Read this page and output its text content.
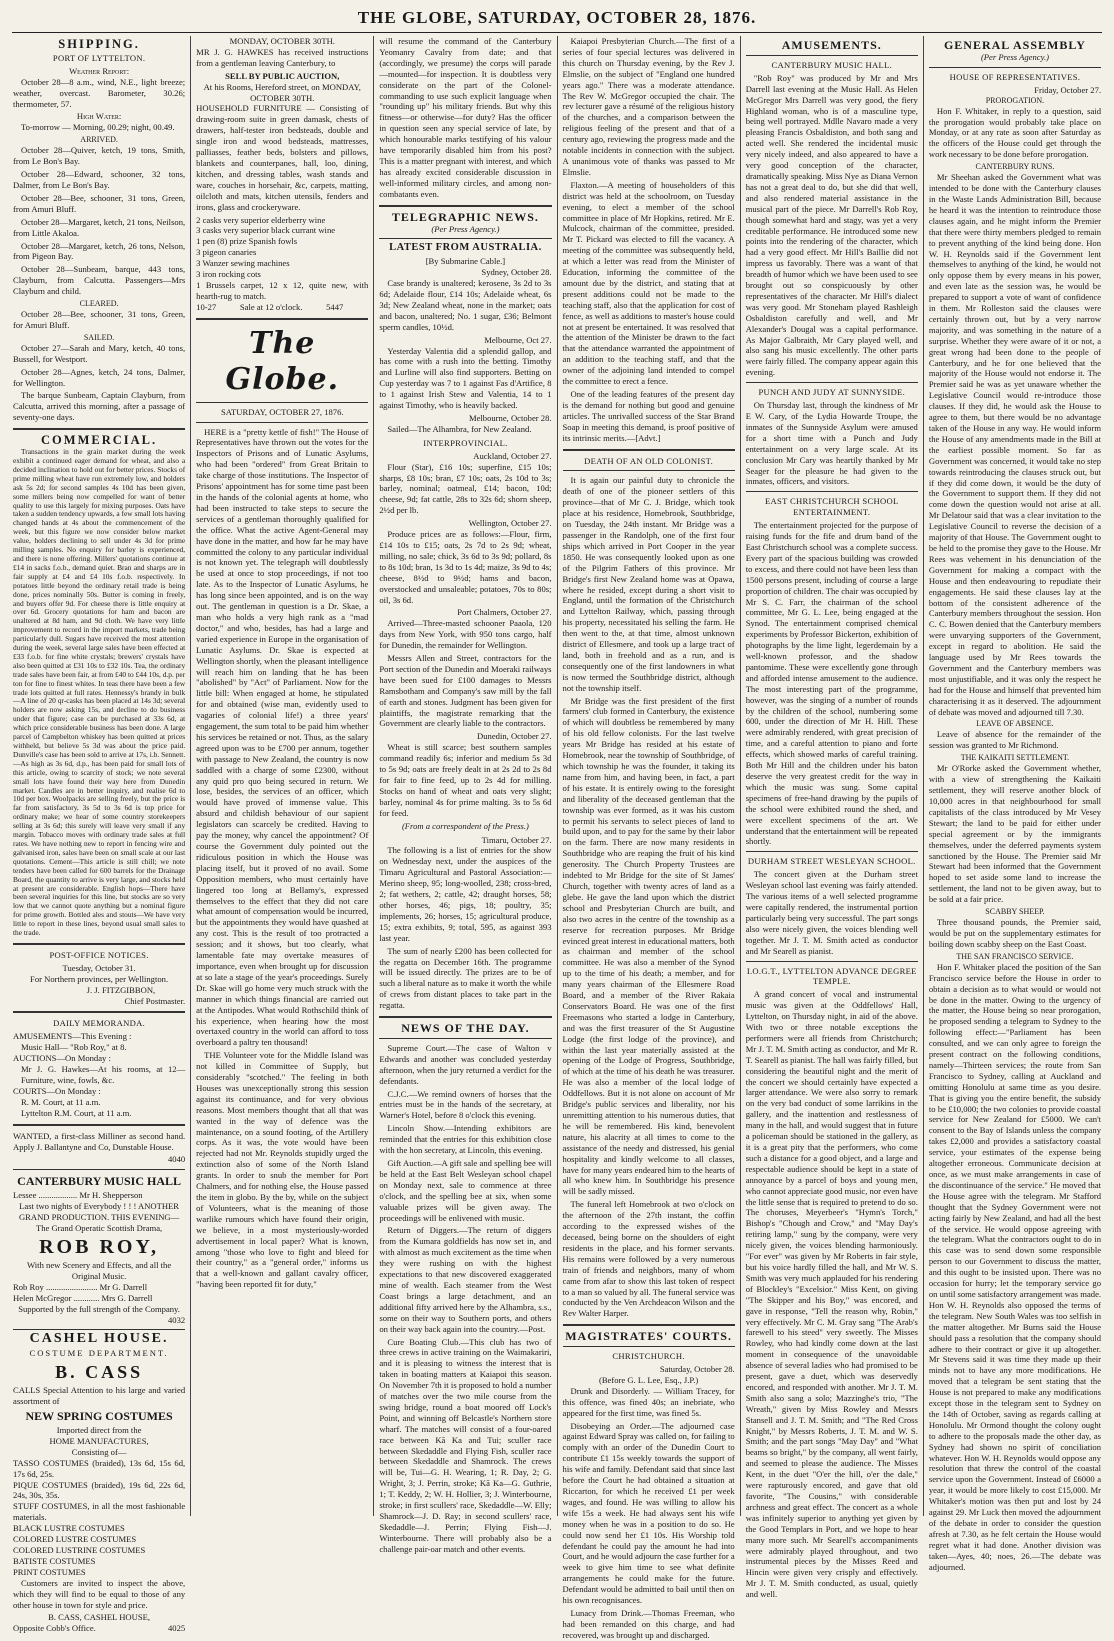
THE GLOBE, SATURDAY, OCTOBER 28, 1876.
SHIPPING.
PORT OF LYTTELTON.
Weather Report:

October 28—8 a.m., wind, N.E., light breeze; weather, overcast. Barometer, 30.26; thermometer, 57.

High Water:

To-morrow — Morning, 00.29; night, 00.49.

ARRIVED.

October 28—Quiver, ketch, 19 tons, Smith, from Le Bon's Bay.

October 28—Edward, schooner, 32 tons, Dalmer, from Le Bon's Bay.

October 28—Bee, schooner, 31 tons, Green, from Amuri Bluff.

October 28—Margaret, ketch, 21 tons, Neilson, from Little Akaloa.

October 28—Margaret, ketch, 26 tons, Nelson, from Pigeon Bay.

October 28—Sunbeam, barque, 443 tons, Clayburn, from Calcutta. Passengers—Mrs Clayburn and child.

CLEARED.

October 28—Bee, schooner, 31 tons, Green, for Amuri Bluff.

SAILED.

October 27—Sarah and Mary, ketch, 40 tons, Bussell, for Westport.

October 28—Agnes, ketch, 24 tons, Dalmer, for Wellington.

The barque Sunbeam, Captain Clayburn, from Calcutta, arrived this morning, after a passage of seventy-one days.

COMMERCIAL.

Transactions in the grain market during the week exhibit a continued eager demand for wheat, and also a decided inclination to hold out for better prices. Stocks of prime milling wheat have run extremely low, and holders ask 5s 2d; for second samples 4s 10d has been given, some millers being now compelled for want of better quality to use this largely for mixing purposes. Oats have taken a sudden tendency upwards, a few small lots having changed hands at 4s about the commencement of the week, but this figure we now consider below market value, holders declining to sell under 4s 3d for prime milling samples. No enquiry for barley is experienced, and there is none offering. Millers' quotations continue at £14 in sacks f.o.b., demand quiet. Bran and sharps are in fair supply at £4 and £4 10s f.o.b. respectively. In potatoes little beyond the ordinary retail trade is being done, prices nominally 50s. Butter is coming in freely, and buyers offer 9d. For cheese there is little enquiry at over 6d. Grocery quotations for ham and bacon are unaltered at 8d ham, and 9d cloth. We have very little improvement to record in the import markets, trade being particularly dull. Sugars have received the most attention during the week, several large sales have been effected at £33 f.o.b. for fine white crystals; brewers' crystals have also been quitted at £31 10s to £32 10s. Tea, the ordinary trade sales have been fair, at from £40 to £44 10s, d.p. per ton for fine to finest whites. In teas there have been a few trade lots quitted at full rates. Hennessy's brandy in bulk—A line of 20 qr-casks has been placed at 14s 3d; several holders are now asking 15s, and decline to do business under that figure; case can be purchased at 33s 6d, at which price considerable business has been done. A large parcel of Campbelton whiskey has been quitted at prices withheld, but believe 5s 3d was about the price paid. Dunville's case has been sold to arrive at 17s, i.b. Sennett.—As high as 3s 6d, d.p., has been paid for small lots of this article, owing to scarcity of stock; we note several small lots have found their way here from Dunedin market. Candles are in better inquiry, and realise 6d to 10d per box. Woolpacks are selling freely, but the price is far from satisfactory, 3s 5d to 3s 6d is top price for ordinary make; we hear of some country storekeepers selling at 3s 6d; this surely will leave very small if any margin. Tobacco moves with ordinary trade sales at full rates. We have nothing new to report in fencing wire and galvanised iron, sales have been on small scale at our last quotations. Cement—This article is still chill; we note tenders have been called for 600 barrels for the Drainage Board, the quantity to arrive is very large, and stocks held at present are considerable. English hops—There have been several inquiries for this line, but stocks are so very low that we cannot quote anything but a nominal figure for prime growth. Bottled ales and stouts—We have very little to report in these lines, beyond usual small sales to the trade.

POST-OFFICE NOTICES.
Tuesday, October 31.
For Northern provinces, per Wellington.
J. J. FITZGIBBON,
Chief Postmaster.
DAILY MEMORANDA.
AMUSEMENTS—This Evening :
Music Hall— "Rob Roy," at 8.
AUCTIONS—On Monday :
Mr J. G. Hawkes—At his rooms, at 12—Furniture, wine, fowls, &c.
COURTS—On Monday :
R. M. Court, at 11 a.m.
Lyttelton R.M. Court, at 11 a.m.

WANTED, a first-class Milliner as second hand. Apply J. Ballantyne and Co, Dunstable House.

4040
CANTERBURY MUSIC HALL
Lessee .................. Mr H. Shepperson

Last two nights of Everybody ! ! ! ANOTHER GRAND PRODUCTION. THIS EVENING—The Grand Operatic Scottish Drama,

ROB ROY,
With new Scenery and Effects, and all the Original Music.
Rob Roy ........................ Mr G. Darrell
Helen McGregor ............ Mrs G. Darrell
Supported by the full strength of the Company.
4032
CASHEL HOUSE.
COSTUME DEPARTMENT.
B. CASS

CALLS Special Attention to his large and varied assortment of

NEW SPRING COSTUMES
Imported direct from the
HOME MANUFACTURES,
Consisting of—
TASSO COSTUMES (braided), 13s 6d, 15s 6d, 17s 6d, 25s.
PIQUE COSTUMES (braided), 19s 6d, 22s 6d, 24s, 30s, 35s.
STUFF COSTUMES, in all the most fashionable materials.
BLACK LUSTRE COSTUMES
COLORED LUSTRE COSTUMES
COLORED LUSTRINE COSTUMES
BATISTE COSTUMES
PRINT COSTUMES

Customers are invited to inspect the above, which they will find to be equal to those of any other house in town for style and price.

B. CASS, CASHEL HOUSE,
Opposite Cobb's Office.	4025
MONDAY, OCTOBER 30TH.

MR J. G. HAWKES has received instructions from a gentleman leaving Canterbury, to

SELL BY PUBLIC AUCTION,
At his Rooms, Hereford street, on MONDAY, OCTOBER 30TH.

HOUSEHOLD FURNITURE — Consisting of drawing-room suite in green damask, chests of drawers, half-tester iron bedsteads, double and single iron and wood bedsteads, mattresses, palliasses, feather beds, bolsters and pillows, blankets and counterpanes, hall, loo, dining, kitchen, and dressing tables, wash stands and ware, couches in horsehair, &c, carpets, matting, oilcloth and mats, kitchen utensils, fenders and irons, glass and crockeryware.

2 casks very superior elderberry wine
3 casks very superior black currant wine
1 pen (8) prize Spanish fowls
3 pigeon canaries
3 Wanzer sewing machines
3 iron rocking cots
1 Brussels carpet, 12 x 12, quite new, with hearth-rug to match.
10-27           Sale at 12 o'clock.           5447
The Globe.
SATURDAY, OCTOBER 27, 1876.

HERE is a "pretty kettle of fish!" The House of Representatives have thrown out the votes for the Inspectors of Prisons and of Lunatic Asylums, who had been "ordered" from Great Britain to take charge of those institutions. The Inspector of Prisons' appointment has for some time past been in the hands of the colonial agents at home, who had been instructed to take steps to secure the services of a gentleman thoroughly qualified for the office. What the active Agent-General may have done in the matter, and how far he may have committed the colony to any particular individual is not known yet. The telegraph will doubtlessly be used at once to stop proceedings, if not too late. As to the Inspector of Lunatic Asylums, he has long since been appointed, and is on the way out. The gentleman in question is a Dr. Skae, a man who holds a very high rank as a "mad doctor," and who, besides, has had a large and varied experience in Europe in the organisation of Lunatic Asylums. Dr. Skae is expected at Wellington shortly, when the pleasant intelligence will reach him on landing that he has been "abolished" by "Act" of Parliament. Now for the little bill: When engaged at home, he stipulated for and obtained (wise man, evidently used to vagaries of colonial life!) a three years' engagement, the sum total to be paid him whether his services be retained or not. Thus, as the salary agreed upon was to be £700 per annum, together with passage to New Zealand, the country is now saddled with a charge of some £2300, without any quid pro quo being secured in return. We lose, besides, the services of an officer, which would have proved of immense value. This absurd and childish behaviour of our sapient legislators can scarcely be credited. Having to pay the money, why cancel the appointment? Of course the Government duly pointed out the ridiculous position in which the House was placing itself, but it proved of no avail. Some Opposition members, who must certainly have lingered too long at Bellamy's, expressed themselves to the effect that they did not care what amount of compensation would be incurred, but the appointments they would have quashed at any cost. This is the result of too protracted a session; and it shows, but too clearly, what lamentable fate may overtake measures of importance, even when brought up for discussion at so late a stage of the year's proceedings. Surely Dr. Skae will go home very much struck with the manner in which things financial are carried out at the Antipodes. What would Rothschild think of his experience, when hearing how the most overtaxed country in the world can afford to toss overboard a paltry ten thousand!

THE Volunteer vote for the Middle Island was not killed in Committee of Supply, but considerably "scotched." The feeling in both Houses was unexceptionally strong this session against its continuance, and for very obvious reasons. Most members thought that all that was wanted in the way of defence was the maintenance, on a sound footing, of the Artillery corps. As it was, the vote would have been rejected had not Mr. Reynolds stupidly urged the extinction also of some of the North Island grants. In order to snub the member for Port Chalmers, and for nothing else, the House passed the item in globo. By the by, while on the subject of Volunteers, what is the meaning of those warlike rumours which have found their origin, we believe, in a most mysteriously-worded advertisement in local paper? What is known, among "those who love to fight and bleed for their country," as a "general order," informs us that a well-known and gallant cavalry officer, "having been reported fit for duty,"

will resume the command of the Canterbury Yeomanry Cavalry from date; and that (accordingly, we presume) the corps will parade—mounted—for inspection. It is doubtless very considerate on the part of the Colonel-commanding to use such explicit language when "rounding up" his military friends. But why this fitness—or otherwise—for duty? Has the officer in question seen any special service of late, by which honourable marks testifying of his valour have temporarily disabled him from his post? This is a matter pregnant with interest, and which has already excited considerable discussion in well-informed military circles, and among non-combatants even.

TELEGRAPHIC NEWS.
(Per Press Agency.)
LATEST FROM AUSTRALIA.
[By Submarine Cable.]
Sydney, October 28.

Case brandy is unaltered; kerosene, 3s 2d to 3s 6d; Adelaide flour, £14 10s; Adelaide wheat, 6s 3d; New Zealand wheat, none in the market; oats and bacon, unaltered; No. 1 sugar, £36; Belmont sperm candles, 10½d.

Melbourne, Oct 27.

Yesterday Valentia did a splendid gallop, and has come with a rush into the betting. Timothy and Lurline will also find supporters. Betting on Cup yesterday was 7 to 1 against Fas d'Artifice, 8 to 1 against Irish Stew and Valentia, 14 to 1 against Timothy, who is heavily backed.

Melbourne, October 28.

Sailed—The Alhambra, for New Zealand.

INTERPROVINCIAL.
Auckland, October 27.

Flour (Star), £16 10s; superfine, £15 10s; sharps, £8 10s; bran, £7 10s; oats, 2s 10d to 3s; barley, nominal; oatmeal, £14; bacon, 10d; cheese, 9d; fat cattle, 28s to 32s 6d; shorn sheep, 2½d per lb.

Wellington, October 27.

Produce prices are as follows:—Flour, firm, £14 10s to £15; oats, 2s 7d to 2s 9d; wheat, milling, no sale; chick, 3s 6d to 3s 9d; pollard, 8s to 8s 10d; bran, 1s 3d to 1s 4d; maize, 3s 9d to 4s; cheese, 8½d to 9½d; hams and bacon, overstocked and unsaleable; potatoes, 70s to 80s; oil, 3s 6d.

Port Chalmers, October 27.

Arrived—Three-masted schooner Paaola, 120 days from New York, with 950 tons cargo, half for Dunedin, the remainder for Wellington.

Messrs Allen and Street, contractors for the Port section of the Dunedin and Moeraki railways have been sued for £100 damages to Messrs Ramsbotham and Company's saw mill by the fall of earth and stones. Judgment has been given for plaintiffs, the magistrate remarking that the Government are clearly liable to the contractors.

Dunedin, October 27.

Wheat is still scarce; best southern samples command readily 6s; inferior and medium 5s 3d to 5s 9d; oats are freely dealt in at 2s 2d to 2s 8d for fair to fine feed, up to 2s 4d for milling. Stocks on hand of wheat and oats very slight; barley, nominal 4s for prime malting. 3s to 5s 6d for feed.

(From a correspondent of the Press.)
Timaru, October 27.

The following is a list of entries for the show on Wednesday next, under the auspices of the Timaru Agricultural and Pastoral Association:—Merino sheep, 95; long-woolled, 238; cross-bred, 2; fat wethers, 2; cattle, 42; draught horses, 58; other horses, 46; pigs, 18; poultry, 35; implements, 26; horses, 15; agricultural produce, 15; extra exhibits, 9; total, 595, as against 393 last year.

The sum of nearly £200 has been collected for the regatta on December 16th. The programme will be issued directly. The prizes are to be of such a liberal nature as to make it worth the while of crews from distant places to take part in the regatta.

NEWS OF THE DAY.

Supreme Court.—The case of Walton v Edwards and another was concluded yesterday afternoon, when the jury returned a verdict for the defendants.

C.J.C.—We remind owners of horses that the entries must be in the hands of the secretary, at Warner's Hotel, before 8 o'clock this evening.

Lincoln Show.—Intending exhibitors are reminded that the entries for this exhibition close with the hon secretary, at Lincoln, this evening.

Gift Auction.—A gift sale and spelling bee will be held at the East Belt Wesleyan school chapel on Monday next, sale to commence at three o'clock, and the spelling bee at six, when some valuable prizes will be given away. The proceedings will be enlivened with music.

Return of Diggers.—The return of diggers from the Kumara goldfields has now set in, and with almost as much excitement as the time when they were rushing on with the highest expectations to that new discovered exaggerated mine of wealth. Each steamer from the West Coast brings a large detachment, and an additional fifty arrived here by the Alhambra, s.s., some on their way to Southern ports, and others on their way back again into the country.—Post.

Cure Boating Club.—This club has two of three crews in active training on the Waimakariri, and it is pleasing to witness the interest that is taken in boating matters at Kaiapoi this season. On November 7th it is proposed to hold a number of matches over the two mile course from the swing bridge, round a boat moored off Lock's Point, and winning off Belcastle's Northern store wharf. The matches will consist of a four-oared race between Kā Ka and Tui; sculler race between Skedaddle and Flying Fish, sculler race between Skedaddle and Shamrock. The crews will be, Tui—G. H. Wearing, 1; R. Day, 2; G. Wright, 3; J. Perrin, stroke; Kā Ka—G. Guthrie, 1; T. Keddy, 2; W. H. Hollier, 3; J. Winterbourne, stroke; in first scullers' race, Skedaddle—W. Elly; Shamrock—J. D. Ray; in second scullers' race, Skedaddle—J. Perrin; Flying Fish—J. Winterbourne. There will probably also be a challenge pair-oar match and other events.

Kaiapoi Presbyterian Church.—The first of a series of four special lectures was delivered in this church on Thursday evening, by the Rev J. Elmslie, on the subject of "England one hundred years ago." There was a moderate attendance. The Rev W. McGregor occupied the chair. The rev lecturer gave a résumé of the religious history of the churches, and a comparison between the religious feeling of the present and that of a century ago, reviewing the progress made and the notable incidents in connection with the subject. A unanimous vote of thanks was passed to Mr Elmslie.

Flaxton.—A meeting of householders of this district was held at the schoolroom, on Tuesday evening, to elect a member of the school committee in place of Mr Hopkins, retired. Mr E. Mulcock, chairman of the committee, presided. Mr T. Pickard was elected to fill the vacancy. A meeting of the committee was subsequently held, at which a letter was read from the Minister of Education, informing the committee of the amount due by the district, and stating that at present additions could not be made to the teaching staff, also that the application for cost of fence, as well as additions to master's house could not at present be entertained. It was resolved that the attention of the Minister be drawn to the fact that the attendance warranted the appointment of an addition to the teaching staff, and that the owner of the adjoining land intended to compel the committee to erect a fence.

One of the leading features of the present day is the demand for nothing but good and genuine articles. The unrivalled success of the Star Brand Soap in meeting this demand, is proof positive of its intrinsic merits.—[Advt.]

DEATH OF AN OLD COLONIST.

It is again our painful duty to chronicle the death of one of the pioneer settlers of this province—that of Mr C. J. Bridge, which took place at his residence, Homebrook, Southbridge, on Tuesday, the 24th instant. Mr Bridge was a passenger in the Randolph, one of the first four ships which arrived in Port Cooper in the year 1850. He was consequently looked upon as one of the Pilgrim Fathers of this province. Mr Bridge's first New Zealand home was at Opawa, where he resided, except during a short visit to England, until the formation of the Christchurch and Lyttelton Railway, which, passing through his property, necessitated his selling the farm. He then went to the, at that time, almost unknown district of Ellesmere, and took up a large tract of land, both in freehold and as a run, and is consequently one of the first landowners in what is now termed the Southbridge district, although not the township itself.

Mr Bridge was the first president of the first farmers' club formed in Canterbury, the existence of which will doubtless be remembered by many of his old fellow colonists. For the last twelve years Mr Bridge has resided at his estate of Homebrook, near the township of Southbridge, of which township he was the founder, it taking its name from him, and having been, in fact, a part of his estate. It is entirely owing to the foresight and liberality of the deceased gentleman that the township was ever formed, as it was his custom to permit his servants to select pieces of land to build upon, and to pay for the same by their labor on the farm. There are now many residents in Southbridge who are reaping the fruit of his kind generosity. The Church Property Trustees are indebted to Mr Bridge for the site of St James' Church, together with twenty acres of land as a glebe. He gave the land upon which the district school and Presbyterian Church are built, and also two acres in the centre of the township as a reserve for recreation purposes. Mr Bridge evinced great interest in educational matters, both as chairman and member of the school committee. He was also a member of the Synod up to the time of his death; a member, and for many years chairman of the Ellesmere Road Board, and a member of the River Rakaia Conservators Board. He was one of the first Freemasons who started a lodge in Canterbury, and was the first treasurer of the St Augustine Lodge (the first lodge of the province), and within the last year materially assisted at the opening of the Lodge of Progress, Southbridge, of which at the time of his death he was treasurer. He was also a member of the local lodge of Oddfellows. But it is not alone on account of Mr Bridge's public services and liberality, nor his unremitting attention to his numerous duties, that he will be remembered. His kind, benevolent nature, his alacrity at all times to come to the assistance of the needy and distressed, his genial hospitality and kindly welcome to all classes, have for many years endeared him to the hearts of all who knew him. In Southbridge his presence will be sadly missed.

The funeral left Homebrook at two o'clock on the afternoon of the 27th instant, the coffin according to the expressed wishes of the deceased, being borne on the shoulders of eight residents in the place, and his former servants. His remains were followed by a very numerous train of friends and neighbors, many of whom came from afar to show this last token of respect to a man so valued by all. The funeral service was conducted by the Ven Archdeacon Wilson and the Rev Walter Harper.

MAGISTRATES' COURTS.
CHRISTCHURCH.
Saturday, October 28.
(Before G. L. Lee, Esq., J.P.)

Drunk and Disorderly. — William Tracey, for this offence, was fined 40s; an inebriate, who appeared for the first time, was fined 5s.

Disobeying an Order.—The adjourned case against Edward Spray was called on, for failing to comply with an order of the Dunedin Court to contribute £1 15s weekly towards the support of his wife and family. Defendant said that since last before the Court he had obtained a situation at Riccarton, for which he received £1 per week wages, and found. He was willing to allow his wife 15s a week. He had always sent his wife money when he was in a position to do so. He could now send her £1 10s. His Worship told defendant he could pay the amount he had into Court, and he would adjourn the case further for a week to give him time to see what definite arrangements he could make for the future. Defendant would be admitted to bail until then on his own recognisances.

Lunacy from Drink.—Thomas Freeman, who had been remanded on this charge, and had recovered, was brought up and discharged.

AMUSEMENTS.
CANTERBURY MUSIC HALL.

"Rob Roy" was produced by Mr and Mrs Darrell last evening at the Music Hall. As Helen McGregor Mrs Darrell was very good, the fiery Highland woman, who is of a masculine type, being well portrayed. Mdlle Navaro made a very pleasing Francis Osbaldiston, and both sang and acted well. She rendered the incidental music very nicely indeed, and also appeared to have a very good conception of the character, dramatically speaking. Miss Nye as Diana Vernon has not a great deal to do, but she did that well, and also rendered material assistance in the musical part of the piece. Mr Darrell's Rob Roy, though somewhat hard and stagy, was yet a very creditable performance. He introduced some new points into the rendering of the character, which had a very good effect. Mr Hill's Baillie did not impress us favorably. There was a want of that breadth of humor which we have been used to see brought out so conspicuously by other representatives of the character. Mr Hill's dialect was very good. Mr Stoneham played Rashleigh Osbaldiston carefully and well, and Mr Alexander's Dougal was a capital performance. As Major Galbraith, Mr Cary played well, and also sang his music excellently. The other parts were fairly filled. The company appear again this evening.

PUNCH AND JUDY AT SUNNYSIDE.

On Thursday last, through the kindness of Mr E W. Cary, of the Lydia Howarde Troupe, the inmates of the Sunnyside Asylum were amused for a short time with a Punch and Judy entertainment on a very large scale. At its conclusion Mr Cary was heartily thanked by Mr Seager for the pleasure he had given to the inmates, officers, and visitors.

EAST CHRISTCHURCH SCHOOL ENTERTAINMENT.

The entertainment projected for the purpose of raising funds for the fife and drum band of the East Christchurch school was a complete success. Every part of the spacious building was crowded to excess, and there could not have been less than 1500 persons present, including of course a large proportion of children. The chair was occupied by Mr S. C. Farr, the chairman of the school committee, Mr G. L. Lee, being engaged at the Synod. The entertainment comprised chemical experiments by Professor Bickerton, exhibition of photographs by the lime light, legerdemain by a well-known professor, and the shadow pantomime. These were excellently gone through and afforded intense amusement to the audience. The most interesting part of the programme, however, was the singing of a number of rounds by the children of the school, numbering some 600, under the direction of Mr H. Hill. These were admirably rendered, with great precision of time, and a careful attention to piano and forte effects, which showed marks of careful training. Both Mr Hill and the children under his baton deserve the very greatest credit for the way in which the music was sung. Some capital specimens of free-hand drawing by the pupils of the school were exhibited round the shed, and were excellent specimens of the art. We understand that the entertainment will be repeated shortly.

DURHAM STREET WESLEYAN SCHOOL.

The concert given at the Durham street Wesleyan school last evening was fairly attended. The various items of a well selected programme were capitally rendered, the instrumental portion particularly being very successful. The part songs also were nicely given, the voices blending well together. Mr J. T. M. Smith acted as conductor and Mr Searell as pianist.

I.O.G.T., LYTTELTON ADVANCE DEGREE TEMPLE.

A grand concert of vocal and instrumental music was given at the Oddfellows' Hall, Lyttelton, on Thursday night, in aid of the above. With two or three notable exceptions the performers were all friends from Christchurch; Mr J. T. M. Smith acting as conductor, and Mr R. T. Searell as pianist. The hall was fairly filled, but considering the beautiful night and the merit of the concert we should certainly have expected a larger attendance. We were also sorry to remark on the very bad conduct of some larrikins in the gallery, and the inattention and restlessness of many in the hall, and would suggest that in future a policeman should be stationed in the gallery, as it is a great pity that the performers, who come such a distance for a good object, and a large and respectable audience should be kept in a state of annoyance by a parcel of boys and young men, who cannot appreciate good music, nor even have the little sense that is required to pretend to do so. The choruses, Meyerbeer's "Hymn's Torch," Bishop's "Chough and Crow," and "May Day's retiring lamp," sung by the company, were very nicely given, the voices blending harmoniously. "For ever" was given by Mr Roberts in fair style, but his voice hardly filled the hall, and Mr W. S. Smith was very much applauded for his rendering of Blockley's "Excelsior." Miss Kent, on giving "The Skipper and his Boy," was encored, and gave in response, "Tell the reason why, Robin," very effectively. Mr C. M. Gray sang "The Arab's farewell to his steed" very sweetly. The Misses Rowley, who had kindly come down at the last moment in consequence of the unavoidable absence of several ladies who had promised to be present, gave a duet, which was deservedly encored, and responded with another. Mr J. T. M. Smith also sang a solo; Mazzinghe's trio, "The Wreath," given by Miss Rowley and Messrs Stansell and J. T. M. Smith; and "The Red Cross Knight," by Messrs Roberts, J. T. M. and W. S. Smith; and the part songs "May Day" and "What beams so bright," by the company, all went fairly, and seemed to please the audience. The Misses Kent, in the duet "O'er the hill, o'er the dale," were rapturously encored, and gave that old favorite, "The Cousins," with considerable archness and great effect. The concert as a whole was infinitely superior to anything yet given by the Good Templars in Port, and we hope to hear many more such. Mr Searell's accompaniments were admirably played throughout, and two instrumental pieces by the Misses Reed and Hincin were given very crisply and effectively. Mr J. T. M. Smith conducted, as usual, quietly and well.

GENERAL ASSEMBLY
(Per Press Agency.)
HOUSE OF REPRESENTATIVES.
Friday, October 27.
PROROGATION.

Hon F. Whitaker, in reply to a question, said the prorogation would probably take place on Monday, or at any rate as soon after Saturday as the officers of the House could get through the work necessary to be done before prorogation.

CANTERBURY RUNS.

Mr Sheehan asked the Government what was intended to be done with the Canterbury clauses in the Waste Lands Administration Bill, because he heard it was the intention to reintroduce those clauses again, and he might inform the Premier that there were thirty members pledged to remain to prevent anything of the kind being done. Hon W. H. Reynolds said if the Government lent themselves to anything of the kind, he would not only oppose them by every means in his power, and even late as the session was, he would be prepared to support a vote of want of confidence in them. Mr Rolleston said the clauses were certainly thrown out, but by a very narrow majority, and was something in the nature of a surprise. Whether they were aware of it or not, a great wrong had been done to the people of Canterbury, and he for one believed that the majority of the House would not endorse it. The Premier said he was as yet unaware whether the Legislative Council would re-introduce those clauses. If they did, he would ask the House to agree to them, but there would be no advantage taken of the House in any way. He would inform the House of any amendments made in the Bill at the earliest possible moment. So far as Government was concerned, it would take no step towards reintroducing the clauses struck out, but if they did come down, it would be the duty of the Government to support them. If they did not come down the question would not arise at all. Mr Delatour said that was a clear invitation to the Legislative Council to reverse the decision of a majority of that House. The Government ought to be held to the promise they gave to the House. Mr Rees was vehement in his denunciation of the Government for making a compact with the House and then endeavouring to repudiate their engagements. He said these clauses lay at the bottom of the consistent adherence of the Canterbury members throughout the session. Hon C. C. Bowen denied that the Canterbury members were unvarying supporters of the Government, except in regard to abolition. He said the language used by Mr Rees towards the Government and the Canterbury members was most unjustifiable, and it was only the respect he had for the House and himself that prevented him characterising it as it deserved. The adjournment of debate was moved and adjourned till 7.30.

LEAVE OF ABSENCE.

Leave of absence for the remainder of the session was granted to Mr Richmond.

THE KAIKAITI SETTLEMENT.

Mr O'Rorke asked the Government whether, with a view of strengthening the Kaikaiti settlement, they will reserve another block of 10,000 acres in that neighbourhood for small capitalists of the class introduced by Mr Vesey Stewart; the land to be paid for either under special agreement or by the immigrants themselves, under the deferred payments system sanctioned by the House. The Premier said Mr Stewart had been informed that the Government hoped to set aside some land to increase the settlement, the land not to be given away, but to be sold at a fair price.

SCABBY SHEEP.

Three thousand pounds, the Premier said, would be put on the supplementary estimates for boiling down scabby sheep on the East Coast.

THE SAN FRANCISCO SERVICE.

Hon F. Whitaker placed the position of the San Francisco service before the House in order to obtain a decision as to what would or would not be done in the matter. Owing to the urgency of the matter, the House being so near prorogation, he proposed sending a telegram to Sydney to the following effect:—"Parliament has been consulted, and we can only agree to foreign the present contract on the following conditions, namely—Thirteen services; the route from San Francisco to Sydney, calling at Auckland and omitting Honolulu at same time as you desire. That is giving you the entire benefit, the subsidy to be £10,000; the two colonies to provide coastal service for New Zealand for £5000. We can't consent to the Bay of Islands unless the company takes £2,000 and provides a satisfactory coastal service, your estimates of the expense being altogether erroneous. Communicate decision at once, as we must make arrangements in case of the discontinuance of the service." He moved that the House agree with the telegram. Mr Stafford thought that the Sydney Government were not acting fairly by New Zealand, and had all the best of the service. He would oppose agreeing with the telegram. What the contractors ought to do in this case was to send down some responsible person to our Government to discuss the matter, and this ought to be insisted upon. There was no occasion for hurry; let the temporary service go on until some satisfactory arrangement was made. Hon W. H. Reynolds also opposed the terms of the telegram. New South Wales was too selfish in the matter altogether. Mr Burns said the House should pass a resolution that the company should adhere to their contract or give it up altogether. Mr Stevens said it was time they made up their minds not to have any more modifications. He moved that a telegram be sent stating that the House is not prepared to make any modifications except those in the telegram sent to Sydney on the 14th of October, saving as regards calling at Honolulu. Mr Ormond thought the colony ought to adhere to the proposals made the other day, as Sydney had shown no spirit of conciliation whatever. Hon W. H. Reynolds would oppose any resolution that threw the control of the coastal service upon the Government. Instead of £6000 a year, it would be more likely to cost £15,000. Mr Whitaker's motion was then put and lost by 24 against 29. Mr Luck then moved the adjournment of the debate in order to consider the question afresh at 7.30, as he felt certain the House would regret what it had done. Another division was taken—Ayes, 40; noes, 26.—The debate was adjourned.
